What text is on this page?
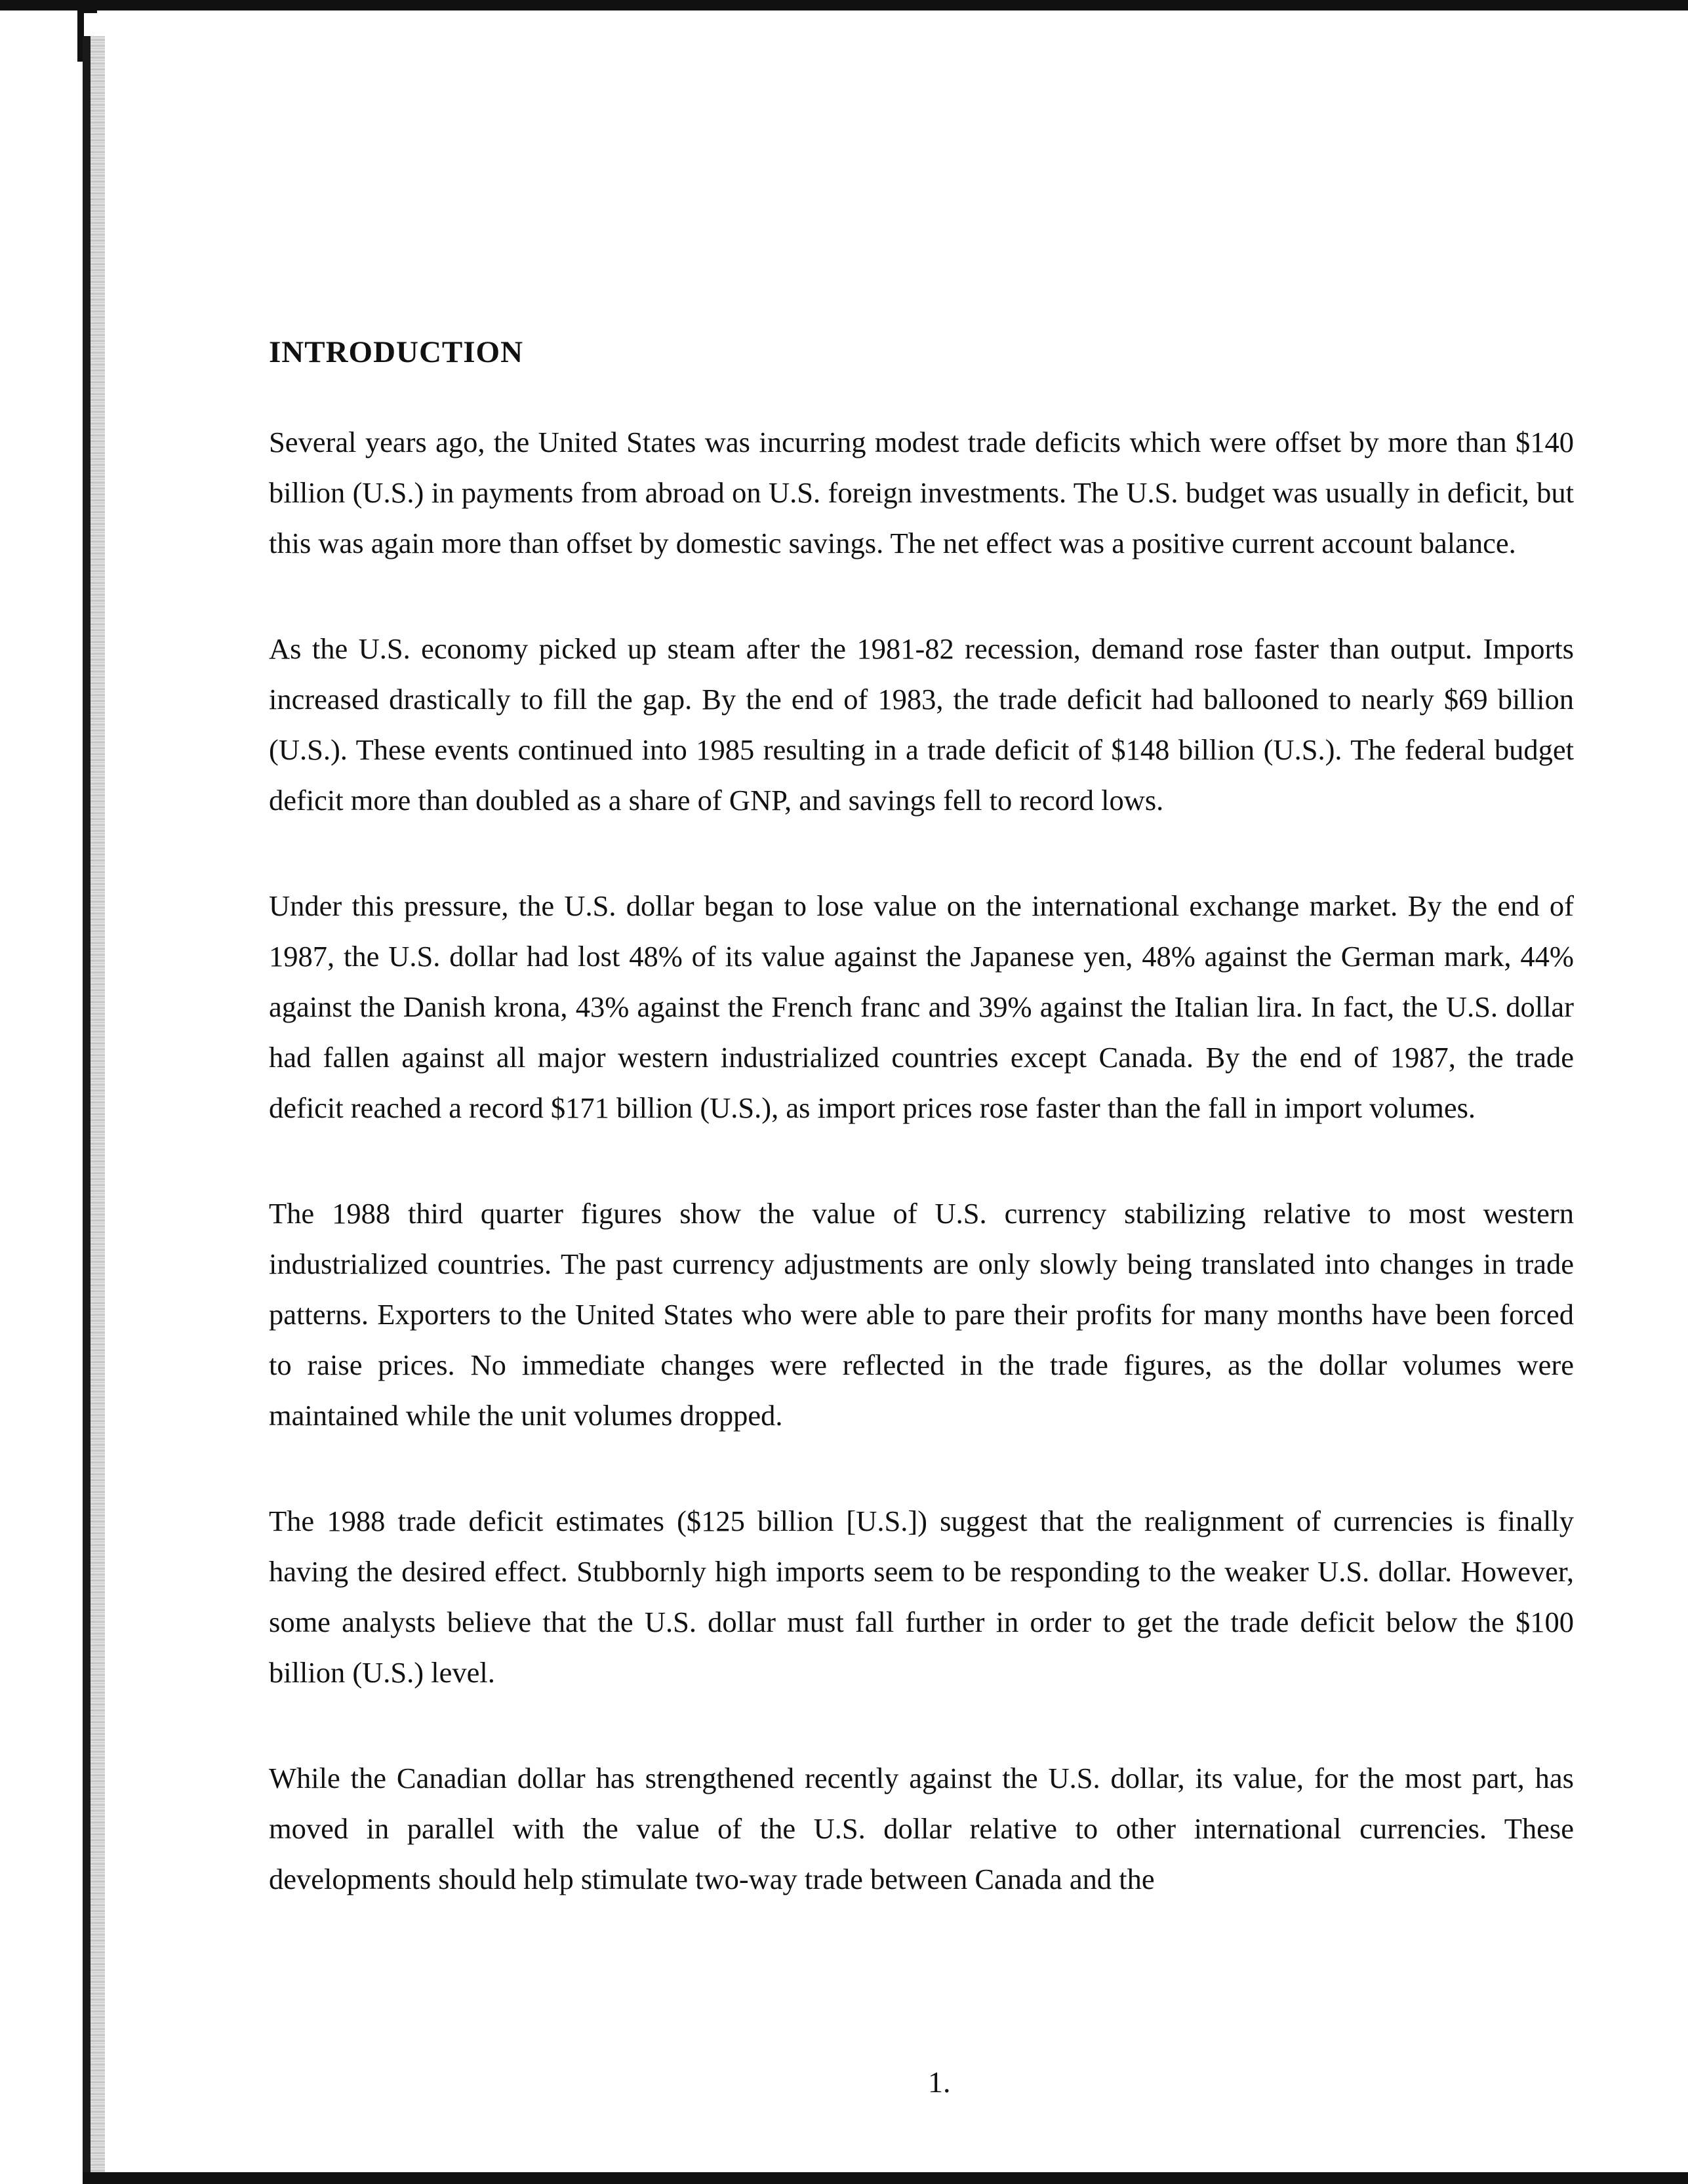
INTRODUCTION

Several years ago, the United States was incurring modest trade deficits which were offset by more than $140 billion (U.S.) in payments from abroad on U.S. foreign investments. The U.S. budget was usually in deficit, but this was again more than offset by domestic savings. The net effect was a positive current account balance.

As the U.S. economy picked up steam after the 1981-82 recession, demand rose faster than output. Imports increased drastically to fill the gap. By the end of 1983, the trade deficit had ballooned to nearly $69 billion (U.S.). These events continued into 1985 resulting in a trade deficit of $148 billion (U.S.). The federal budget deficit more than doubled as a share of GNP, and savings fell to record lows.

Under this pressure, the U.S. dollar began to lose value on the international exchange market. By the end of 1987, the U.S. dollar had lost 48% of its value against the Japanese yen, 48% against the German mark, 44% against the Danish krona, 43% against the French franc and 39% against the Italian lira. In fact, the U.S. dollar had fallen against all major western industrialized countries except Canada. By the end of 1987, the trade deficit reached a record $171 billion (U.S.), as import prices rose faster than the fall in import volumes.

The 1988 third quarter figures show the value of U.S. currency stabilizing relative to most western industrialized countries. The past currency adjustments are only slowly being translated into changes in trade patterns. Exporters to the United States who were able to pare their profits for many months have been forced to raise prices. No immediate changes were reflected in the trade figures, as the dollar volumes were maintained while the unit volumes dropped.

The 1988 trade deficit estimates ($125 billion [U.S.]) suggest that the realignment of currencies is finally having the desired effect. Stubbornly high imports seem to be responding to the weaker U.S. dollar. However, some analysts believe that the U.S. dollar must fall further in order to get the trade deficit below the $100 billion (U.S.) level.

While the Canadian dollar has strengthened recently against the U.S. dollar, its value, for the most part, has moved in parallel with the value of the U.S. dollar relative to other international currencies. These developments should help stimulate two-way trade between Canada and the

1.
